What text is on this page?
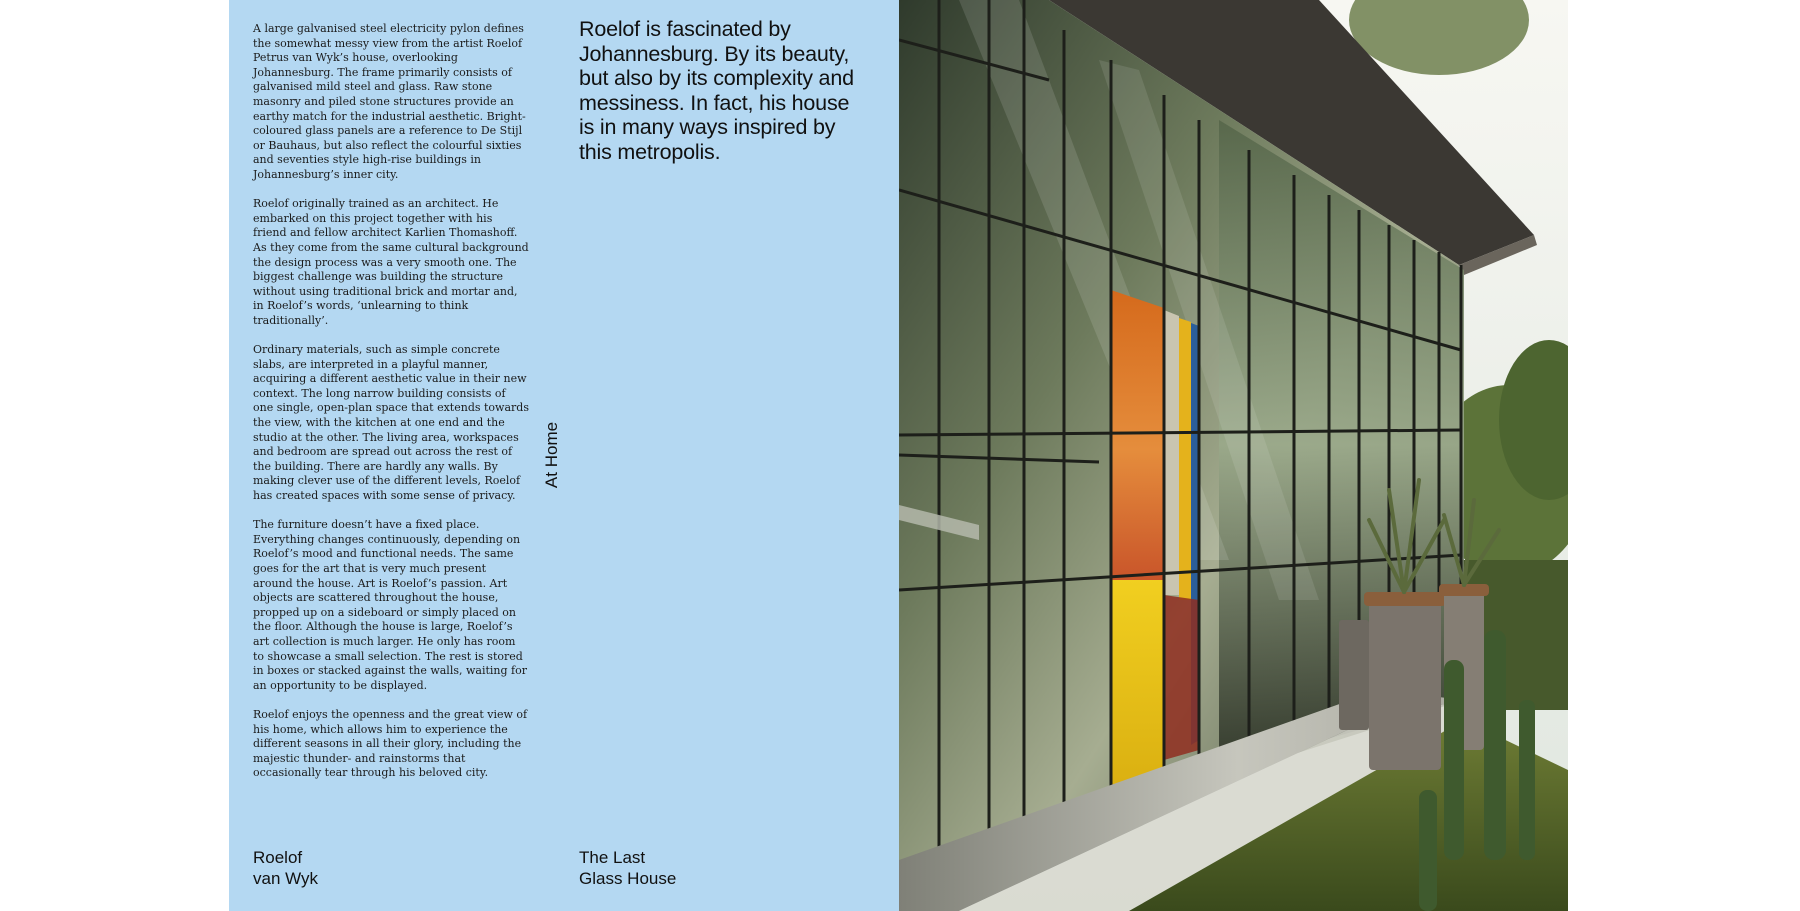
A large galvanised steel electricity pylon defines the somewhat messy view from the artist Roelof Petrus van Wyk’s house, overlooking Johannesburg. The frame primarily consists of galvanised mild steel and glass. Raw stone masonry and piled stone structures provide an earthy match for the industrial aesthetic. Bright-coloured glass panels are a reference to De Stijl or Bauhaus, but also reflect the colourful sixties and seventies style high-rise buildings in Johannesburg’s inner city.

Roelof originally trained as an architect. He embarked on this project together with his friend and fellow architect Karlien Thomashoff. As they come from the same cultural background the design process was a very smooth one. The biggest challenge was building the structure without using traditional brick and mortar and, in Roelof’s words, ‘unlearning to think traditionally’.

Ordinary materials, such as simple concrete slabs, are interpreted in a playful manner, acquiring a different aesthetic value in their new context. The long narrow building consists of one single, open-plan space that extends towards the view, with the kitchen at one end and the studio at the other. The living area, workspaces and bedroom are spread out across the rest of the building. There are hardly any walls. By making clever use of the different levels, Roelof has created spaces with some sense of privacy.

The furniture doesn’t have a fixed place. Everything changes continuously, depending on Roelof’s mood and functional needs. The same goes for the art that is very much present around the house. Art is Roelof’s passion. Art objects are scattered throughout the house, propped up on a sideboard or simply placed on the floor. Although the house is large, Roelof’s art collection is much larger. He only has room to showcase a small selection. The rest is stored in boxes or stacked against the walls, waiting for an opportunity to be displayed.

Roelof enjoys the openness and the great view of his home, which allows him to experience the different seasons in all their glory, including the majestic thunder- and rainstorms that occasionally tear through his beloved city.

Roelof is fascinated by Johannesburg. By its beauty, but also by its complexity and messiness. In fact, his house is in many ways inspired by this metropolis.
At Home
Roelof
van Wyk
The Last
Glass House
